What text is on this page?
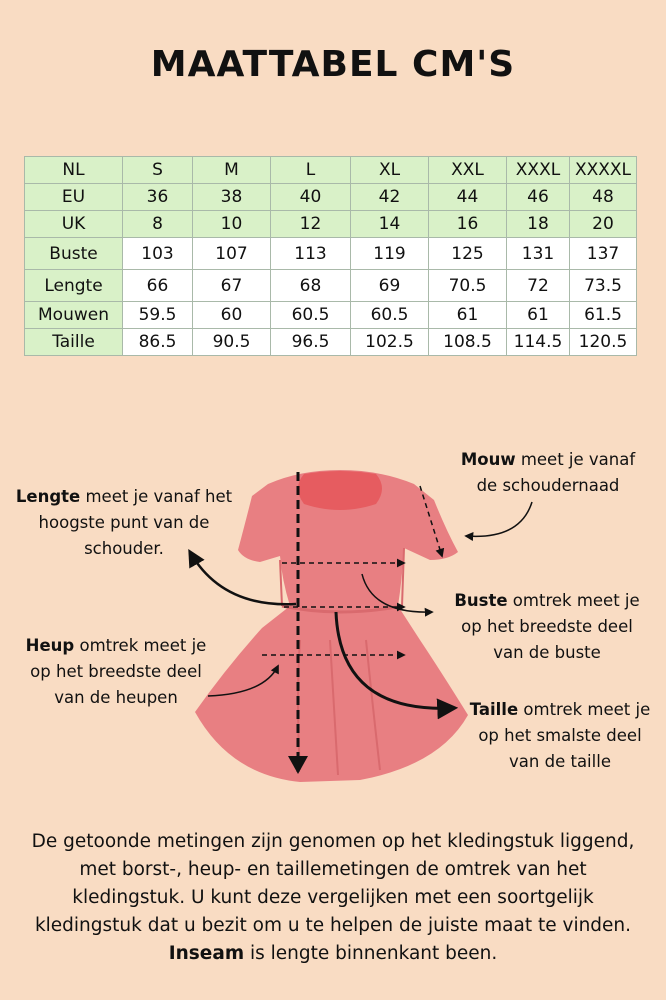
MAATTABEL CM'S
NL	S	M	L	XL	XXL	XXXL	XXXXL
EU	36	38	40	42	44	46	48
UK	8	10	12	14	16	18	20
Buste	103	107	113	119	125	131	137
Lengte	66	67	68	69	70.5	72	73.5
Mouwen	59.5	60	60.5	60.5	61	61	61.5
Taille	86.5	90.5	96.5	102.5	108.5	114.5	120.5

Lengte meet je vanaf het
hoogste punt van de
schouder.

Mouw meet je vanaf
de schoudernaad

Buste omtrek meet je
op het breedste deel
van de buste

Heup omtrek meet je
op het breedste deel
van de heupen

Taille omtrek meet je
op het smalste deel
van de taille

De getoonde metingen zijn genomen op het kledingstuk liggend, met borst-, heup- en taillemetingen de omtrek van het kledingstuk. U kunt deze vergelijken met een soortgelijk kledingstuk dat u bezit om u te helpen de juiste maat te vinden. Inseam is lengte binnenkant been.
